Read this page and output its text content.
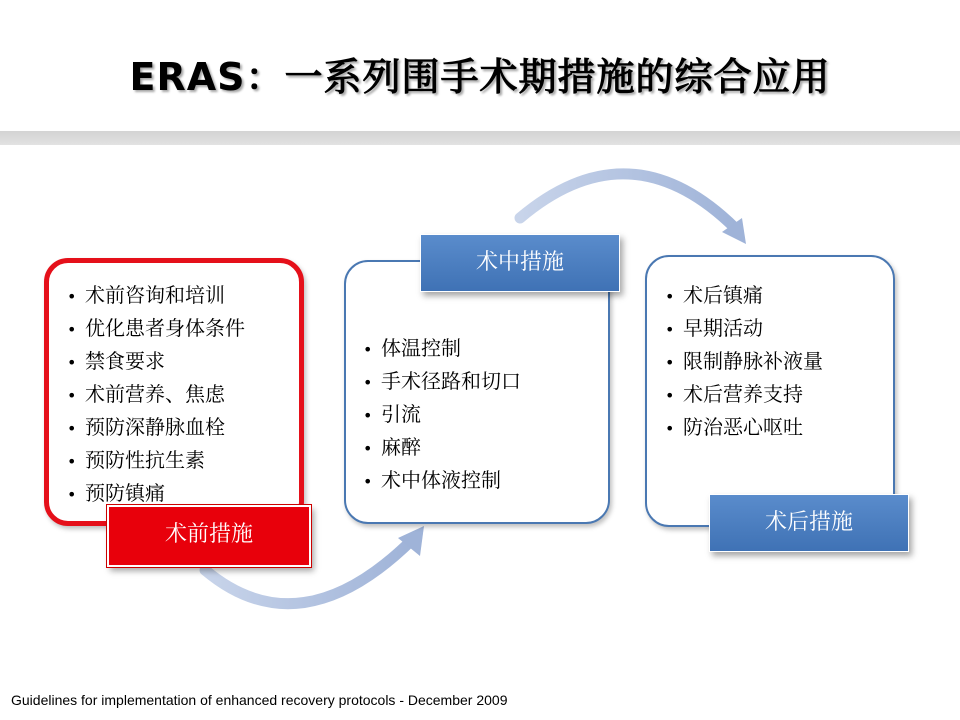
ERAS：一系列围手术期措施的综合应用
• 术前咨询和培训
• 优化患者身体条件
• 禁食要求
• 术前营养、焦虑
• 预防深静脉血栓
• 预防性抗生素
• 预防镇痛
• 体温控制
• 手术径路和切口
• 引流
• 麻醉
• 术中体液控制
• 术后镇痛
• 早期活动
• 限制静脉补液量
• 术后营养支持
• 防治恶心呕吐
术前措施
术中措施
术后措施
Guidelines for implementation of enhanced recovery protocols - December 2009
